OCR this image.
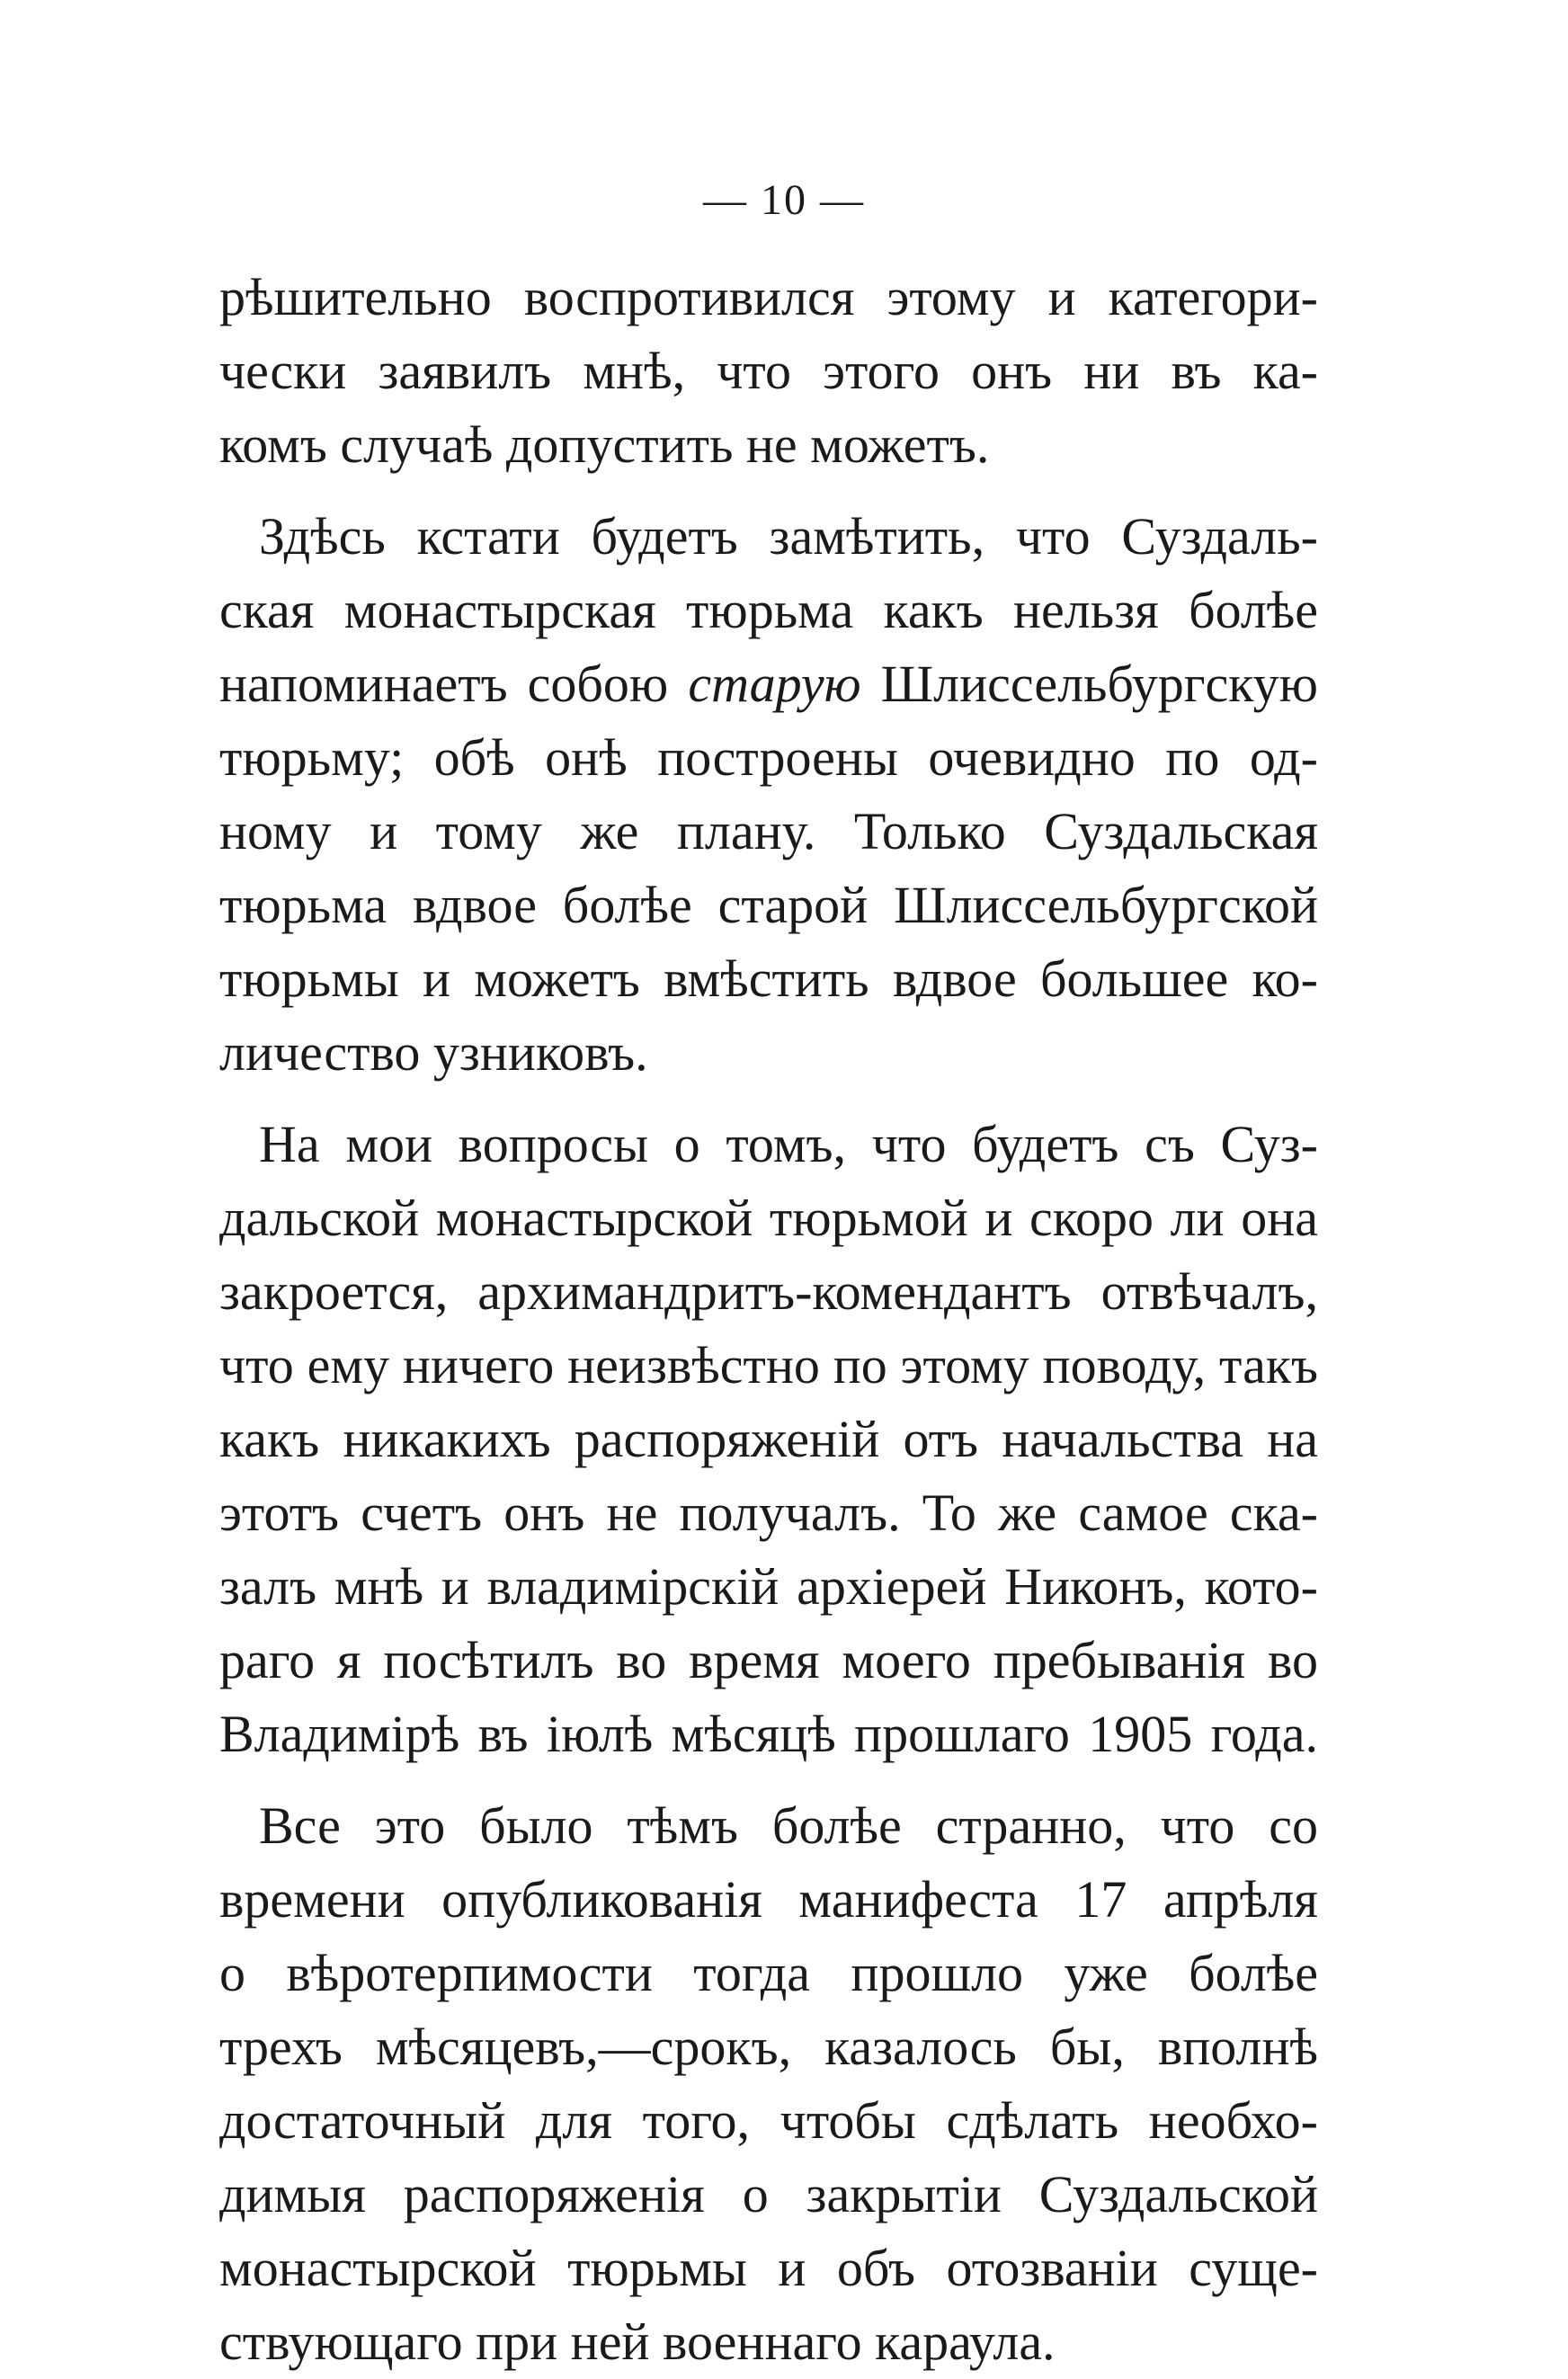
— 10 —
рѣшительно воспротивился этому и категори-
чески заявилъ мнѣ, что этого онъ ни въ ка-
комъ случаѣ допустить не можетъ.
Здѣсь кстати будетъ замѣтить, что Суздаль-
ская монастырская тюрьма какъ нельзя болѣе
напоминаетъ собою старую Шлиссельбургскую
тюрьму; обѣ онѣ построены очевидно по од-
ному и тому же плану. Только Суздальская
тюрьма вдвое болѣе старой Шлиссельбургской
тюрьмы и можетъ вмѣстить вдвое большее ко-
личество узниковъ.
На мои вопросы о томъ, что будетъ съ Суз-
дальской монастырской тюрьмой и скоро ли она
закроется, архимандритъ-комендантъ отвѣчалъ,
что ему ничего неизвѣстно по этому поводу, такъ
какъ никакихъ распоряженій отъ начальства на
этотъ счетъ онъ не получалъ. То же самое ска-
залъ мнѣ и владимірскій архіерей Никонъ, кото-
раго я посѣтилъ во время моего пребыванія во
Владимірѣ въ іюлѣ мѣсяцѣ прошлаго 1905 года.
Все это было тѣмъ болѣе странно, что со
времени опубликованія манифеста 17 апрѣля
о вѣротерпимости тогда прошло уже болѣе
трехъ мѣсяцевъ,—срокъ, казалось бы, вполнѣ
достаточный для того, чтобы сдѣлать необхо-
димыя распоряженія о закрытіи Суздальской
монастырской тюрьмы и объ отозваніи суще-
ствующаго при ней военнаго караула.
